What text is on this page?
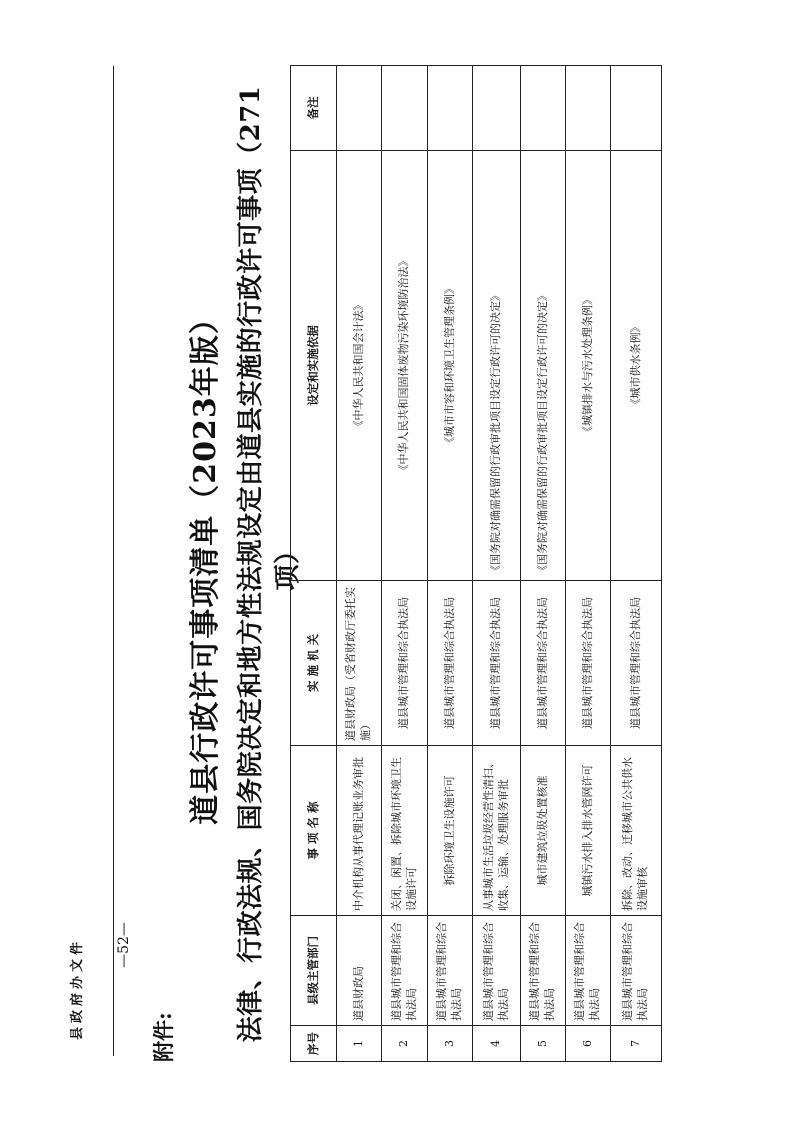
县政府办文件	附件:
道县行政许可事项清单（2023年版） 法律、行政法规、国务院决定和地方性法规设定由道县实施的行政许可事项（271项）
序号	县级主管部门	事 项 名 称	实 施 机 关	设定和实施依据	备注
1	道县财政局	中介机构从事代理记账业务审批	道县财政局（受省财政厅委托实施）	《中华人民共和国会计法》	
2	道县城市管理和综合执法局	关闭、闲置、拆除城市环境卫生设施许可	道县城市管理和综合执法局	《中华人民共和国固体废物污染环境防治法》	
3	道县城市管理和综合执法局	拆除环境卫生设施许可	道县城市管理和综合执法局	《城市市容和环境卫生管理条例》	
4	道县城市管理和综合执法局	从事城市生活垃圾经营性清扫、收集、运输、处理服务审批	道县城市管理和综合执法局	《国务院对确需保留的行政审批项目设定行政许可的决定》	
5	道县城市管理和综合执法局	城市建筑垃圾处置核准	道县城市管理和综合执法局	《国务院对确需保留的行政审批项目设定行政许可的决定》	
6	道县城市管理和综合执法局	城镇污水排入排水管网许可	道县城市管理和综合执法局	《城镇排水与污水处理条例》	
7	道县城市管理和综合执法局	拆除、改动、迁移城市公共供水设施审核	道县城市管理和综合执法局	《城市供水条例》	
—52—
